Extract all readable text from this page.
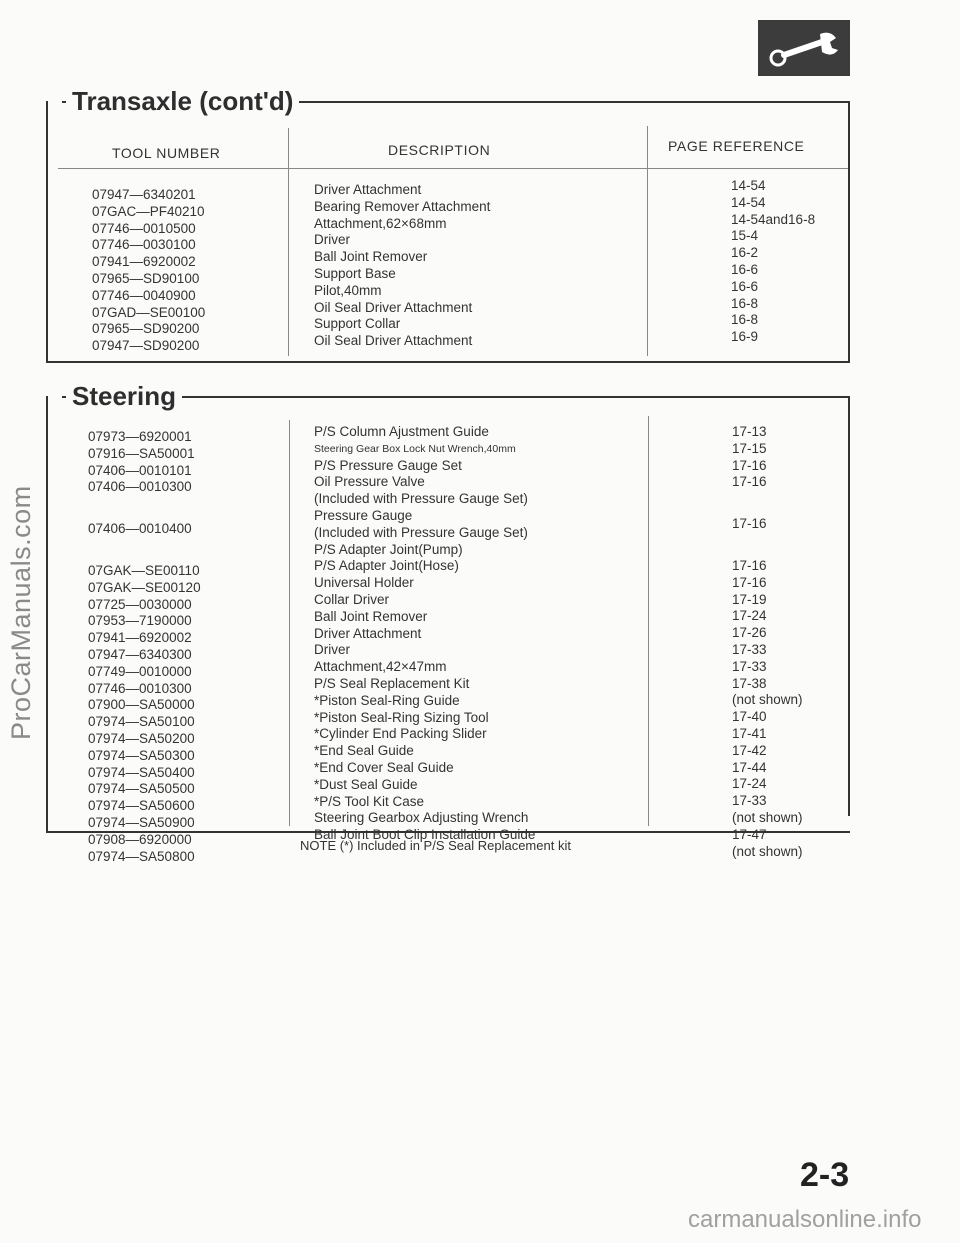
ProCarManuals.com
Transaxle (cont'd)
TOOL NUMBER	DESCRIPTION	PAGE REFERENCE
07947—6340201
07GAC—PF40210
07746—0010500
07746—0030100
07941—6920002
07965—SD90100
07746—0040900
07GAD—SE00100
07965—SD90200
07947—SD90200
Driver Attachment
Bearing Remover Attachment
Attachment,62×68mm
Driver
Ball Joint Remover
Support Base
Pilot,40mm
Oil Seal Driver Attachment
Support Collar
Oil Seal Driver Attachment
14-54
14-54
14-54and16-8
15-4
16-2
16-6
16-6
16-8
16-8
16-9
Steering
07973—6920001
07916—SA50001
07406—0010101
07406—0010300
07406—0010400
07GAK—SE00110
07GAK—SE00120
07725—0030000
07953—7190000
07941—6920002
07947—6340300
07749—0010000
07746—0010300
07900—SA50000
07974—SA50100
07974—SA50200
07974—SA50300
07974—SA50400
07974—SA50500
07974—SA50600
07974—SA50900
07908—6920000
07974—SA50800
P/S Column Ajustment Guide
Steering Gear Box Lock Nut Wrench,40mm
P/S Pressure Gauge Set
Oil Pressure Valve
(Included with Pressure Gauge Set)
Pressure Gauge
(Included with Pressure Gauge Set)
P/S Adapter Joint(Pump)
P/S Adapter Joint(Hose)
Universal Holder
Collar Driver
Ball Joint Remover
Driver Attachment
Driver
Attachment,42×47mm
P/S Seal Replacement Kit
*Piston Seal-Ring Guide
*Piston Seal-Ring Sizing Tool
*Cylinder End Packing Slider
*End Seal Guide
*End Cover Seal Guide
*Dust Seal Guide
*P/S Tool Kit Case
Steering Gearbox Adjusting Wrench
Ball Joint Boot Clip Installation Guide
17-13
17-15
17-16
17-16
17-16
17-16
17-16
17-19
17-24
17-26
17-33
17-33
17-38
(not shown)
17-40
17-41
17-42
17-44
17-24
17-33
(not shown)
17-47
(not shown)
NOTE (*) Included in P/S Seal Replacement kit
2-3
carmanualsonline.info
